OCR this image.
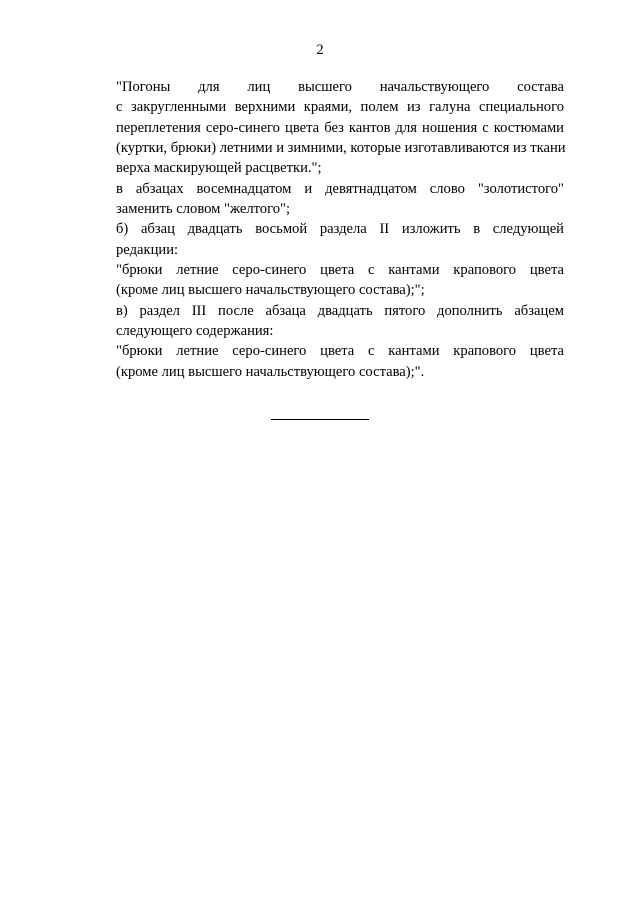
2
"Погоны для лиц высшего начальствующего состава
с закругленными верхними краями, полем из галуна специального
переплетения серо-синего цвета без кантов для ношения с костюмами
(куртки, брюки) летними и зимними, которые изготавливаются из ткани
верха маскирующей расцветки.";
в абзацах восемнадцатом и девятнадцатом слово "золотистого"
заменить словом "желтого";
б) абзац двадцать восьмой раздела II изложить в следующей
редакции:
"брюки летние серо-синего цвета с кантами крапового цвета
(кроме лиц высшего начальствующего состава);";
в) раздел III после абзаца двадцать пятого дополнить абзацем
следующего содержания:
"брюки летние серо-синего цвета с кантами крапового цвета
(кроме лиц высшего начальствующего состава);".
